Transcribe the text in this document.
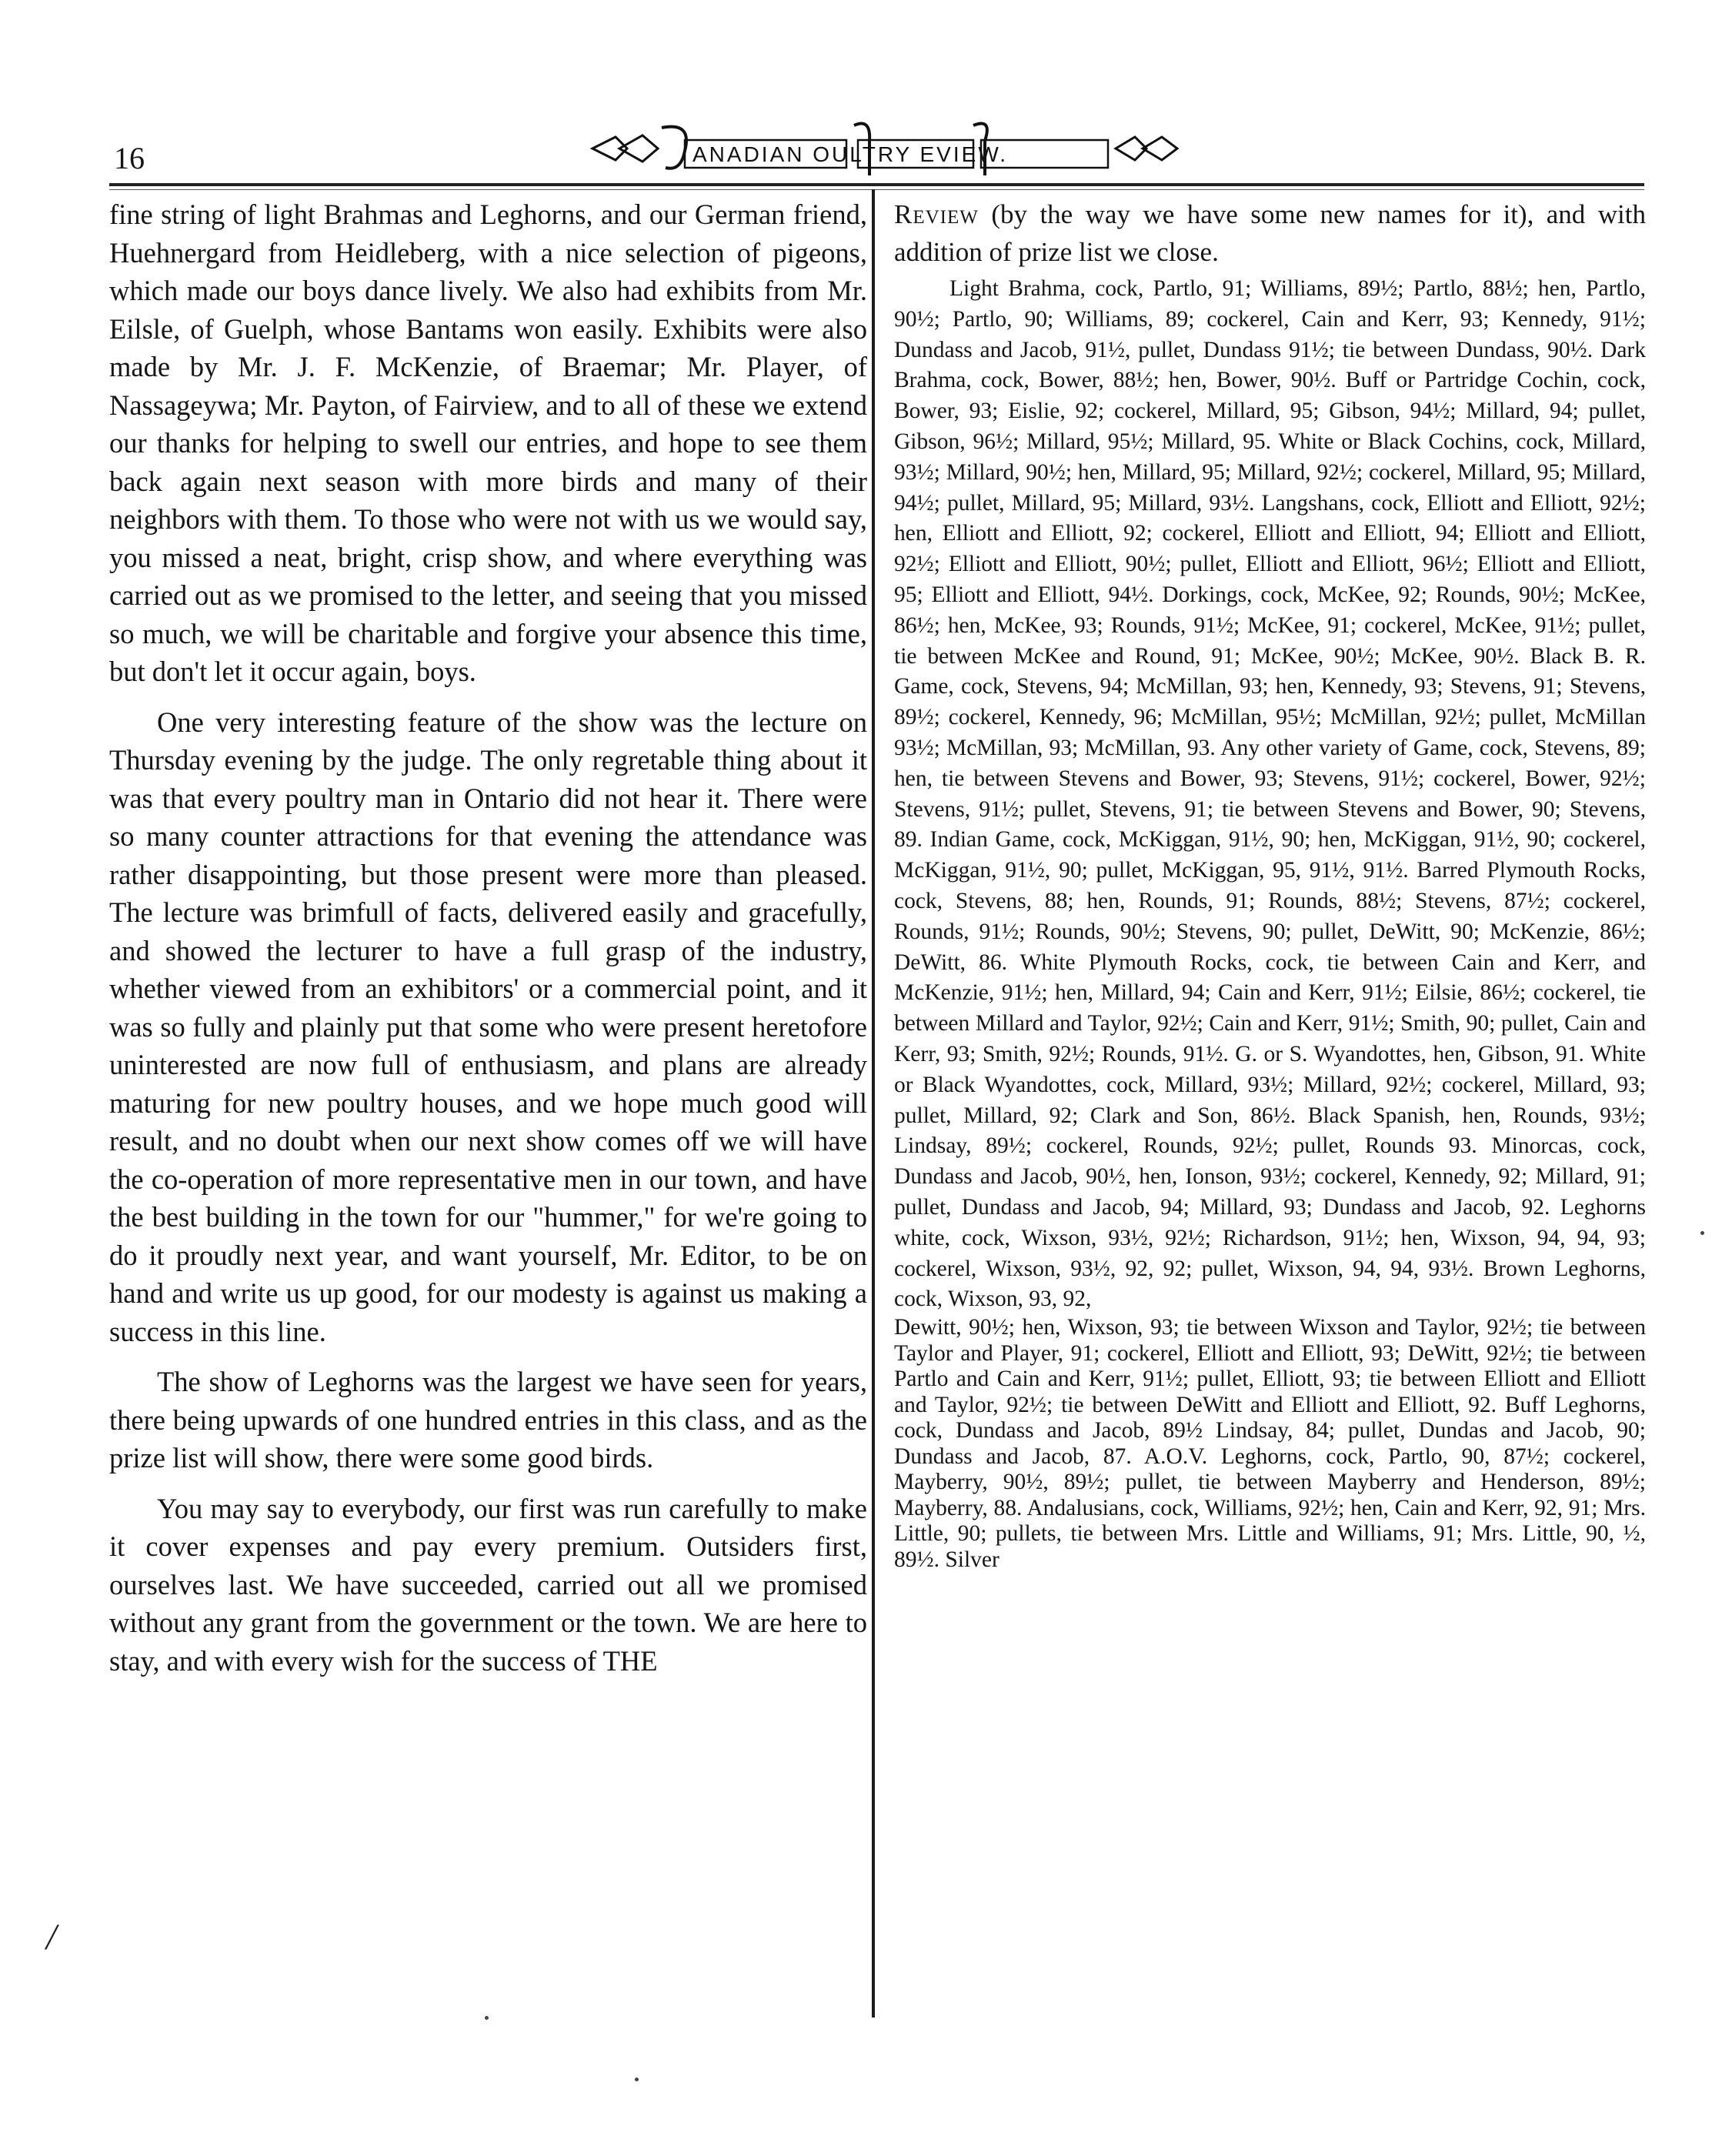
16	ANADIAN OULTRY EVIEW.

fine string of light Brahmas and Leghorns, and our German friend, Huehnergard from Heidleberg, with a nice selection of pigeons, which made our boys dance lively. We also had exhibits from Mr. Eilsle, of Guelph, whose Bantams won easily. Exhibits were also made by Mr. J. F. McKenzie, of Braemar; Mr. Player, of Nassageywa; Mr. Payton, of Fairview, and to all of these we extend our thanks for helping to swell our entries, and hope to see them back again next season with more birds and many of their neighbors with them. To those who were not with us we would say, you missed a neat, bright, crisp show, and where everything was carried out as we promised to the letter, and seeing that you missed so much, we will be charitable and forgive your absence this time, but don't let it occur again, boys.

One very interesting feature of the show was the lecture on Thursday evening by the judge. The only regretable thing about it was that every poultry man in Ontario did not hear it. There were so many counter attractions for that evening the attendance was rather disappointing, but those present were more than pleased. The lecture was brimfull of facts, delivered easily and gracefully, and showed the lecturer to have a full grasp of the industry, whether viewed from an exhibitors' or a commercial point, and it was so fully and plainly put that some who were present heretofore uninterested are now full of enthusiasm, and plans are already maturing for new poultry houses, and we hope much good will result, and no doubt when our next show comes off we will have the co-operation of more representative men in our town, and have the best building in the town for our "hummer," for we're going to do it proudly next year, and want yourself, Mr. Editor, to be on hand and write us up good, for our modesty is against us making a success in this line.

The show of Leghorns was the largest we have seen for years, there being upwards of one hundred entries in this class, and as the prize list will show, there were some good birds.

You may say to everybody, our first was run carefully to make it cover expenses and pay every premium. Outsiders first, ourselves last. We have succeeded, carried out all we promised without any grant from the government or the town. We are here to stay, and with every wish for the success of THE

Review (by the way we have some new names for it), and with addition of prize list we close.

Light Brahma, cock, Partlo, 91; Williams, 89½; Partlo, 88½; hen, Partlo, 90½; Partlo, 90; Williams, 89; cockerel, Cain and Kerr, 93; Kennedy, 91½; Dundass and Jacob, 91½, pullet, Dundass 91½; tie between Dundass, 90½. Dark Brahma, cock, Bower, 88½; hen, Bower, 90½. Buff or Partridge Cochin, cock, Bower, 93; Eislie, 92; cockerel, Millard, 95; Gibson, 94½; Millard, 94; pullet, Gibson, 96½; Millard, 95½; Millard, 95. White or Black Cochins, cock, Millard, 93½; Millard, 90½; hen, Millard, 95; Millard, 92½; cockerel, Millard, 95; Millard, 94½; pullet, Millard, 95; Millard, 93½. Langshans, cock, Elliott and Elliott, 92½; hen, Elliott and Elliott, 92; cockerel, Elliott and Elliott, 94; Elliott and Elliott, 92½; Elliott and Elliott, 90½; pullet, Elliott and Elliott, 96½; Elliott and Elliott, 95; Elliott and Elliott, 94½. Dorkings, cock, McKee, 92; Rounds, 90½; McKee, 86½; hen, McKee, 93; Rounds, 91½; McKee, 91; cockerel, McKee, 91½; pullet, tie between McKee and Round, 91; McKee, 90½; McKee, 90½. Black B. R. Game, cock, Stevens, 94; McMillan, 93; hen, Kennedy, 93; Stevens, 91; Stevens, 89½; cockerel, Kennedy, 96; McMillan, 95½; McMillan, 92½; pullet, McMillan 93½; McMillan, 93; McMillan, 93. Any other variety of Game, cock, Stevens, 89; hen, tie between Stevens and Bower, 93; Stevens, 91½; cockerel, Bower, 92½; Stevens, 91½; pullet, Stevens, 91; tie between Stevens and Bower, 90; Stevens, 89. Indian Game, cock, McKiggan, 91½, 90; hen, McKiggan, 91½, 90; cockerel, McKiggan, 91½, 90; pullet, McKiggan, 95, 91½, 91½. Barred Plymouth Rocks, cock, Stevens, 88; hen, Rounds, 91; Rounds, 88½; Stevens, 87½; cockerel, Rounds, 91½; Rounds, 90½; Stevens, 90; pullet, DeWitt, 90; McKenzie, 86½; DeWitt, 86. White Plymouth Rocks, cock, tie between Cain and Kerr, and McKenzie, 91½; hen, Millard, 94; Cain and Kerr, 91½; Eilsie, 86½; cockerel, tie between Millard and Taylor, 92½; Cain and Kerr, 91½; Smith, 90; pullet, Cain and Kerr, 93; Smith, 92½; Rounds, 91½. G. or S. Wyandottes, hen, Gibson, 91. White or Black Wyandottes, cock, Millard, 93½; Millard, 92½; cockerel, Millard, 93; pullet, Millard, 92; Clark and Son, 86½. Black Spanish, hen, Rounds, 93½; Lindsay, 89½; cockerel, Rounds, 92½; pullet, Rounds 93. Minorcas, cock, Dundass and Jacob, 90½, hen, Ionson, 93½; cockerel, Kennedy, 92; Millard, 91; pullet, Dundass and Jacob, 94; Millard, 93; Dundass and Jacob, 92. Leghorns white, cock, Wixson, 93½, 92½; Richardson, 91½; hen, Wixson, 94, 94, 93; cockerel, Wixson, 93½, 92, 92; pullet, Wixson, 94, 94, 93½. Brown Leghorns, cock, Wixson, 93, 92,

Dewitt, 90½; hen, Wixson, 93; tie between Wixson and Taylor, 92½; tie between Taylor and Player, 91; cockerel, Elliott and Elliott, 93; DeWitt, 92½; tie between Partlo and Cain and Kerr, 91½; pullet, Elliott, 93; tie between Elliott and Elliott and Taylor, 92½; tie between DeWitt and Elliott and Elliott, 92. Buff Leghorns, cock, Dundass and Jacob, 89½ Lindsay, 84; pullet, Dundas and Jacob, 90; Dundass and Jacob, 87. A.O.V. Leghorns, cock, Partlo, 90, 87½; cockerel, Mayberry, 90½, 89½; pullet, tie between Mayberry and Henderson, 89½; Mayberry, 88. Andalusians, cock, Williams, 92½; hen, Cain and Kerr, 92, 91; Mrs. Little, 90; pullets, tie between Mrs. Little and Williams, 91; Mrs. Little, 90, ½, 89½. Silver

/
